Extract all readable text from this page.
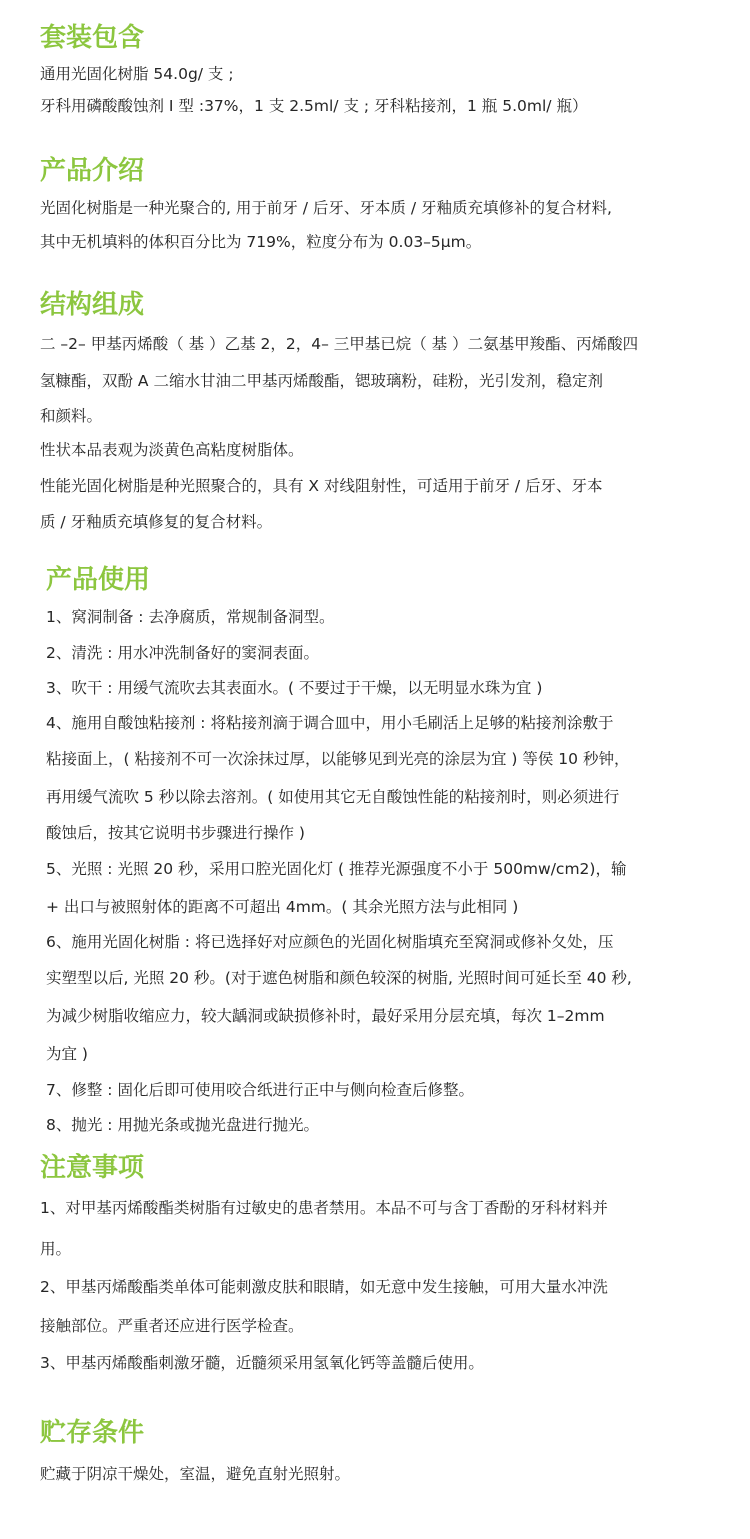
套装包含

通用光固化树脂 54.0g/ 支 ;

牙科用磷酸酸蚀剂 I 型 :37%，1 支 2.5ml/ 支 ; 牙科粘接剂，1 瓶 5.0ml/ 瓶）

产品介绍

光固化树脂是一种光聚合的, 用于前牙 / 后牙、牙本质 / 牙釉质充填修补的复合材料,

其中无机填料的体积百分比为 719%，粒度分布为 0.03–5μm。

结构组成

二 –2– 甲基丙烯酸（ 基 ）乙基 2，2，4– 三甲基已烷（ 基 ）二氨基甲羧酯、丙烯酸四

氢糠酯，双酚 A 二缩水甘油二甲基丙烯酸酯，锶玻璃粉，硅粉，光引发剂，稳定剂

和颜料。

性状本品表观为淡黄色高粘度树脂体。

性能光固化树脂是种光照聚合的，具有 X 对线阻射性，可适用于前牙 / 后牙、牙本

质 / 牙釉质充填修复的复合材料。

产品使用

1、窝洞制备 : 去净腐质，常规制备洞型。

2、清洗 : 用水冲洗制备好的窦洞表面。

3、吹干 : 用缓气流吹去其表面水。( 不要过于干燥，以无明显水珠为宜 )

4、施用自酸蚀粘接剂 : 将粘接剂滴于调合皿中，用小毛刷活上足够的粘接剂涂敷于

粘接面上，( 粘接剂不可一次涂抹过厚，以能够见到光亮的涂层为宜 ) 等侯 10 秒钟，

再用缓气流吹 5 秒以除去溶剂。( 如使用其它无自酸蚀性能的粘接剂时，则必须进行

酸蚀后，按其它说明书步骤进行操作 )

5、光照 : 光照 20 秒，采用口腔光固化灯 ( 推荐光源强度不小于 500mw/cm2)，输

+ 出口与被照射体的距离不可超出 4mm。( 其余光照方法与此相同 )

6、施用光固化树脂 : 将已选择好对应颜色的光固化树脂填充至窝洞或修补夂处，压

实塑型以后, 光照 20 秒。(对于遮色树脂和颜色较深的树脂, 光照时间可延长至 40 秒,

为减少树脂收缩应力，较大龋洞或缺损修补时，最好采用分层充填，每次 1–2mm

为宜 )

7、修整 : 固化后即可使用咬合纸进行正中与侧向检查后修整。

8、抛光 : 用抛光条或抛光盘进行抛光。

注意事项

1、对甲基丙烯酸酯类树脂有过敏史的患者禁用。本品不可与含丁香酚的牙科材料并

用。

2、甲基丙烯酸酯类单体可能刺激皮肤和眼睛，如无意中发生接触，可用大量水冲洗

接触部位。严重者还应进行医学检查。

3、甲基丙烯酸酯刺激牙髓，近髓须采用氢氧化钙等盖髓后使用。

贮存条件

贮藏于阴凉干燥处，室温，避免直射光照射。
